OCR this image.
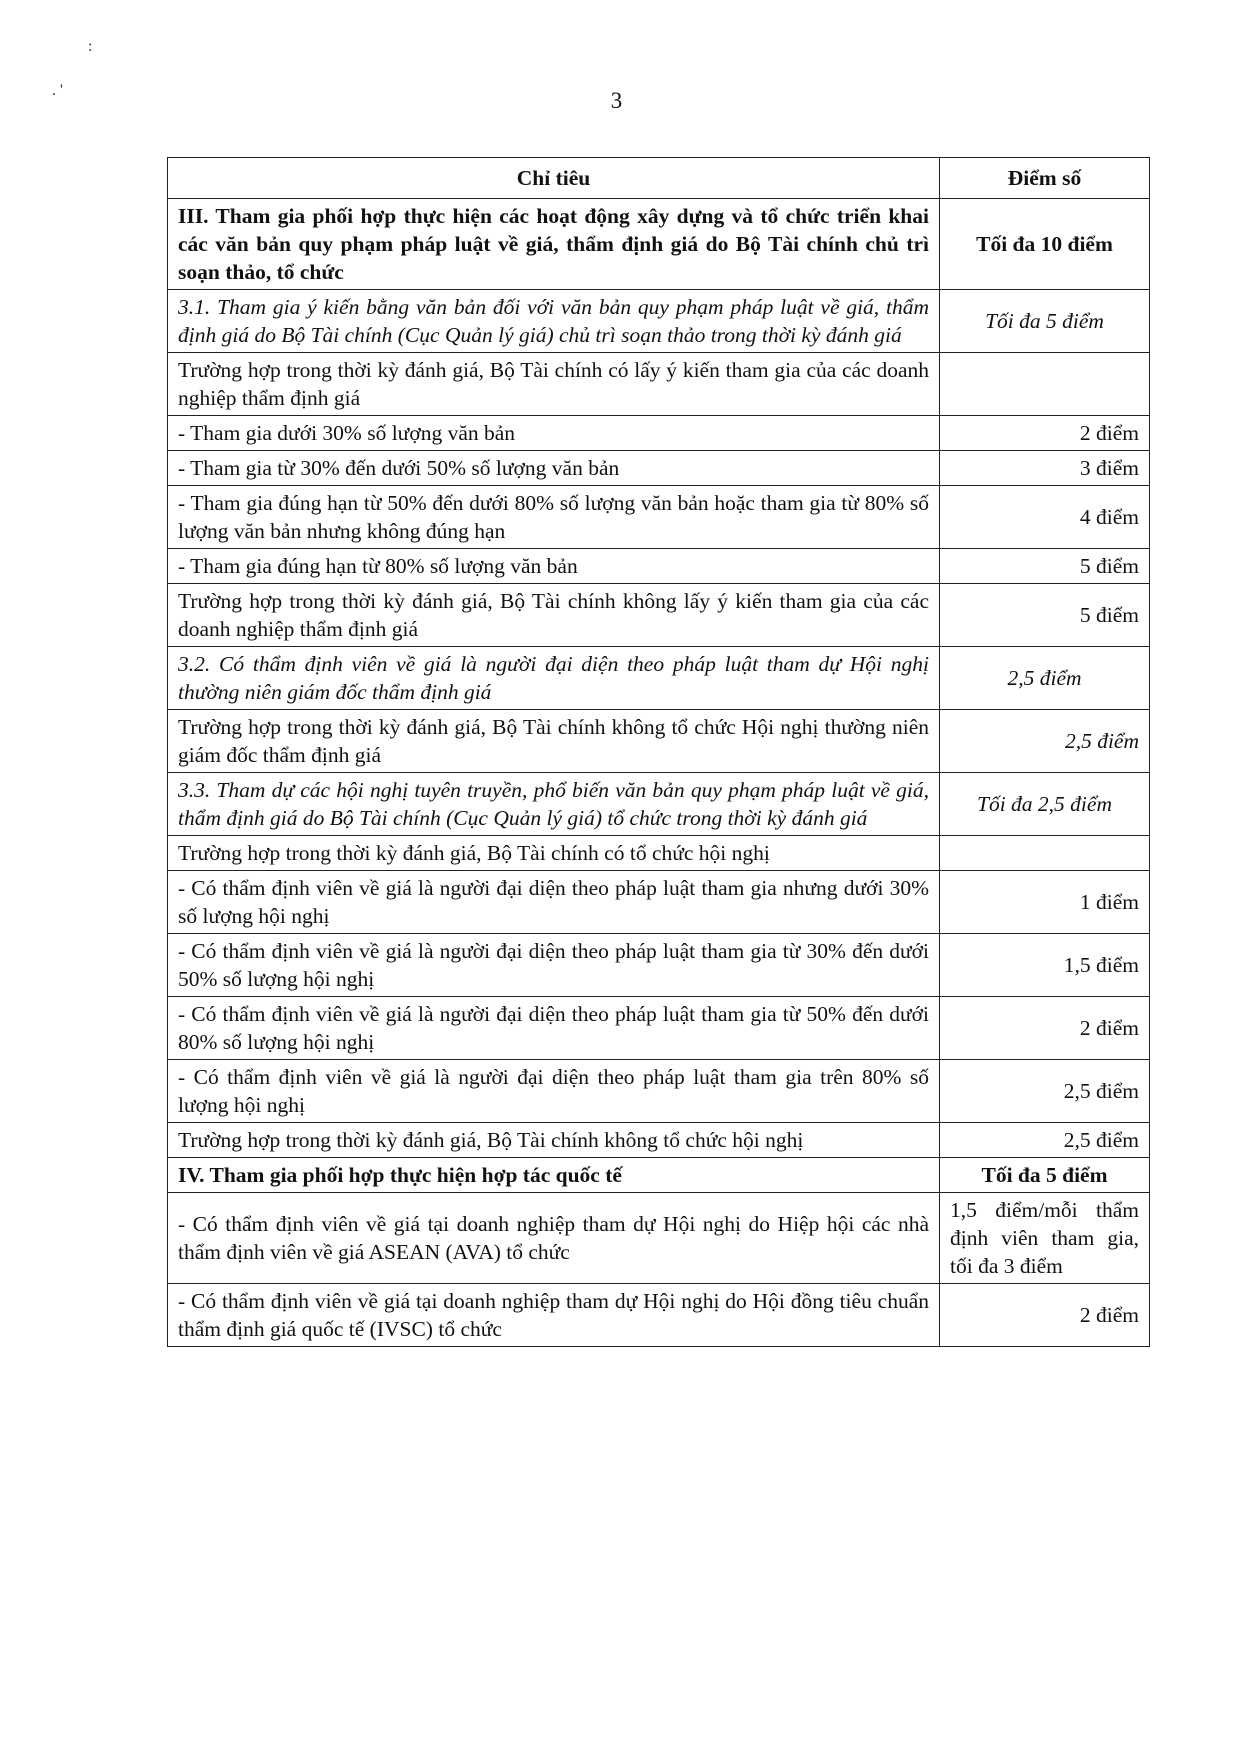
:
. '	3
Chỉ tiêu	Điểm số
III. Tham gia phối hợp thực hiện các hoạt động xây dựng và tổ chức triển khai các văn bản quy phạm pháp luật về giá, thẩm định giá do Bộ Tài chính chủ trì soạn thảo, tổ chức	Tối đa 10 điểm
3.1. Tham gia ý kiến bằng văn bản đối với văn bản quy phạm pháp luật về giá, thẩm định giá do Bộ Tài chính (Cục Quản lý giá) chủ trì soạn thảo trong thời kỳ đánh giá	Tối đa 5 điểm
Trường hợp trong thời kỳ đánh giá, Bộ Tài chính có lấy ý kiến tham gia của các doanh nghiệp thẩm định giá	
- Tham gia dưới 30% số lượng văn bản	2 điểm
- Tham gia từ 30% đến dưới 50% số lượng văn bản	3 điểm
- Tham gia đúng hạn từ 50% đến dưới 80% số lượng văn bản hoặc tham gia từ 80% số lượng văn bản nhưng không đúng hạn	4 điểm
- Tham gia đúng hạn từ 80% số lượng văn bản	5 điểm
Trường hợp trong thời kỳ đánh giá, Bộ Tài chính không lấy ý kiến tham gia của các doanh nghiệp thẩm định giá	5 điểm
3.2. Có thẩm định viên về giá là người đại diện theo pháp luật tham dự Hội nghị thường niên giám đốc thẩm định giá	2,5 điểm
Trường hợp trong thời kỳ đánh giá, Bộ Tài chính không tổ chức Hội nghị thường niên giám đốc thẩm định giá	2,5 điểm
3.3. Tham dự các hội nghị tuyên truyền, phổ biến văn bản quy phạm pháp luật về giá, thẩm định giá do Bộ Tài chính (Cục Quản lý giá) tổ chức trong thời kỳ đánh giá	Tối đa 2,5 điểm
Trường hợp trong thời kỳ đánh giá, Bộ Tài chính có tổ chức hội nghị	
- Có thẩm định viên về giá là người đại diện theo pháp luật tham gia nhưng dưới 30% số lượng hội nghị	1 điểm
- Có thẩm định viên về giá là người đại diện theo pháp luật tham gia từ 30% đến dưới 50% số lượng hội nghị	1,5 điểm
- Có thẩm định viên về giá là người đại diện theo pháp luật tham gia từ 50% đến dưới 80% số lượng hội nghị	2 điểm
- Có thẩm định viên về giá là người đại diện theo pháp luật tham gia trên 80% số lượng hội nghị	2,5 điểm
Trường hợp trong thời kỳ đánh giá, Bộ Tài chính không tổ chức hội nghị	2,5 điểm
IV. Tham gia phối hợp thực hiện hợp tác quốc tế	Tối đa 5 điểm
- Có thẩm định viên về giá tại doanh nghiệp tham dự Hội nghị do Hiệp hội các nhà thẩm định viên về giá ASEAN (AVA) tổ chức	1,5 điểm/mỗi thẩm định viên tham gia, tối đa 3 điểm
- Có thẩm định viên về giá tại doanh nghiệp tham dự Hội nghị do Hội đồng tiêu chuẩn thẩm định giá quốc tế (IVSC) tổ chức	2 điểm
